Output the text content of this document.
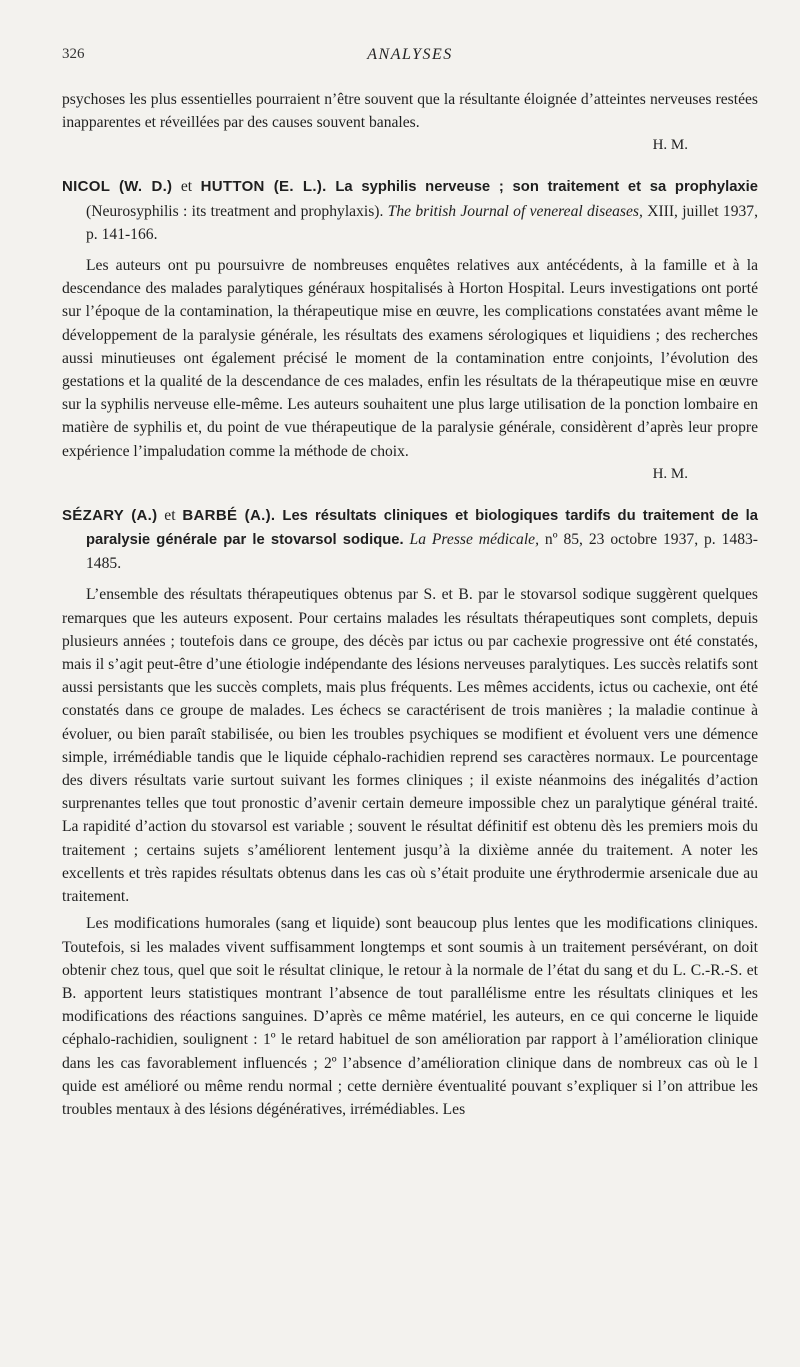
326	ANALYSES

psychoses les plus essentielles pourraient n’être souvent que la résultante éloignée d’atteintes nerveuses restées inapparentes et réveillées par des causes souvent banales.

H. M.

NICOL (W. D.) et HUTTON (E. L.). La syphilis nerveuse ; son traitement et sa prophylaxie (Neurosyphilis : its treatment and prophylaxis). The british Journal of venereal diseases, XIII, juillet 1937, p. 141-166.

Les auteurs ont pu poursuivre de nombreuses enquêtes relatives aux antécédents, à la famille et à la descendance des malades paralytiques généraux hospitalisés à Horton Hospital. Leurs investigations ont porté sur l’époque de la contamination, la thérapeutique mise en œuvre, les complications constatées avant même le développement de la paralysie générale, les résultats des examens sérologiques et liquidiens ; des recherches aussi minutieuses ont également précisé le moment de la contamination entre conjoints, l’évolution des gestations et la qualité de la descendance de ces malades, enfin les résultats de la thérapeutique mise en œuvre sur la syphilis nerveuse elle-même. Les auteurs souhaitent une plus large utilisation de la ponction lombaire en matière de syphilis et, du point de vue thérapeutique de la paralysie générale, considèrent d’après leur propre expérience l’impaludation comme la méthode de choix.

H. M.

SÉZARY (A.) et BARBÉ (A.). Les résultats cliniques et biologiques tardifs du traitement de la paralysie générale par le stovarsol sodique. La Presse médicale, nº 85, 23 octobre 1937, p. 1483-1485.

L’ensemble des résultats thérapeutiques obtenus par S. et B. par le stovarsol sodique suggèrent quelques remarques que les auteurs exposent. Pour certains malades les résultats thérapeutiques sont complets, depuis plusieurs années ; toutefois dans ce groupe, des décès par ictus ou par cachexie progressive ont été constatés, mais il s’agit peut-être d’une étiologie indépendante des lésions nerveuses paralytiques. Les succès relatifs sont aussi persistants que les succès complets, mais plus fréquents. Les mêmes accidents, ictus ou cachexie, ont été constatés dans ce groupe de malades. Les échecs se caractérisent de trois manières ; la maladie continue à évoluer, ou bien paraît stabilisée, ou bien les troubles psychiques se modifient et évoluent vers une démence simple, irrémédiable tandis que le liquide céphalo-rachidien reprend ses caractères normaux. Le pourcentage des divers résultats varie surtout suivant les formes cliniques ; il existe néanmoins des inégalités d’action surprenantes telles que tout pronostic d’avenir certain demeure impossible chez un paralytique général traité. La rapidité d’action du stovarsol est variable ; souvent le résultat définitif est obtenu dès les premiers mois du traitement ; certains sujets s’améliorent lentement jusqu’à la dixième année du traitement. A noter les excellents et très rapides résultats obtenus dans les cas où s’était produite une érythrodermie arsenicale due au traitement.

Les modifications humorales (sang et liquide) sont beaucoup plus lentes que les modifications cliniques. Toutefois, si les malades vivent suffisamment longtemps et sont soumis à un traitement persévérant, on doit obtenir chez tous, quel que soit le résultat clinique, le retour à la normale de l’état du sang et du L. C.-R.-S. et B. apportent leurs statistiques montrant l’absence de tout parallélisme entre les résultats cliniques et les modifications des réactions sanguines. D’après ce même matériel, les auteurs, en ce qui concerne le liquide céphalo-rachidien, soulignent : 1º le retard habituel de son amélioration par rapport à l’amélioration clinique dans les cas favorablement influencés ; 2º l’absence d’amélioration clinique dans de nombreux cas où le l quide est amélioré ou même rendu normal ; cette dernière éventualité pouvant s’expliquer si l’on attribue les troubles mentaux à des lésions dégénératives, irrémédiables. Les
